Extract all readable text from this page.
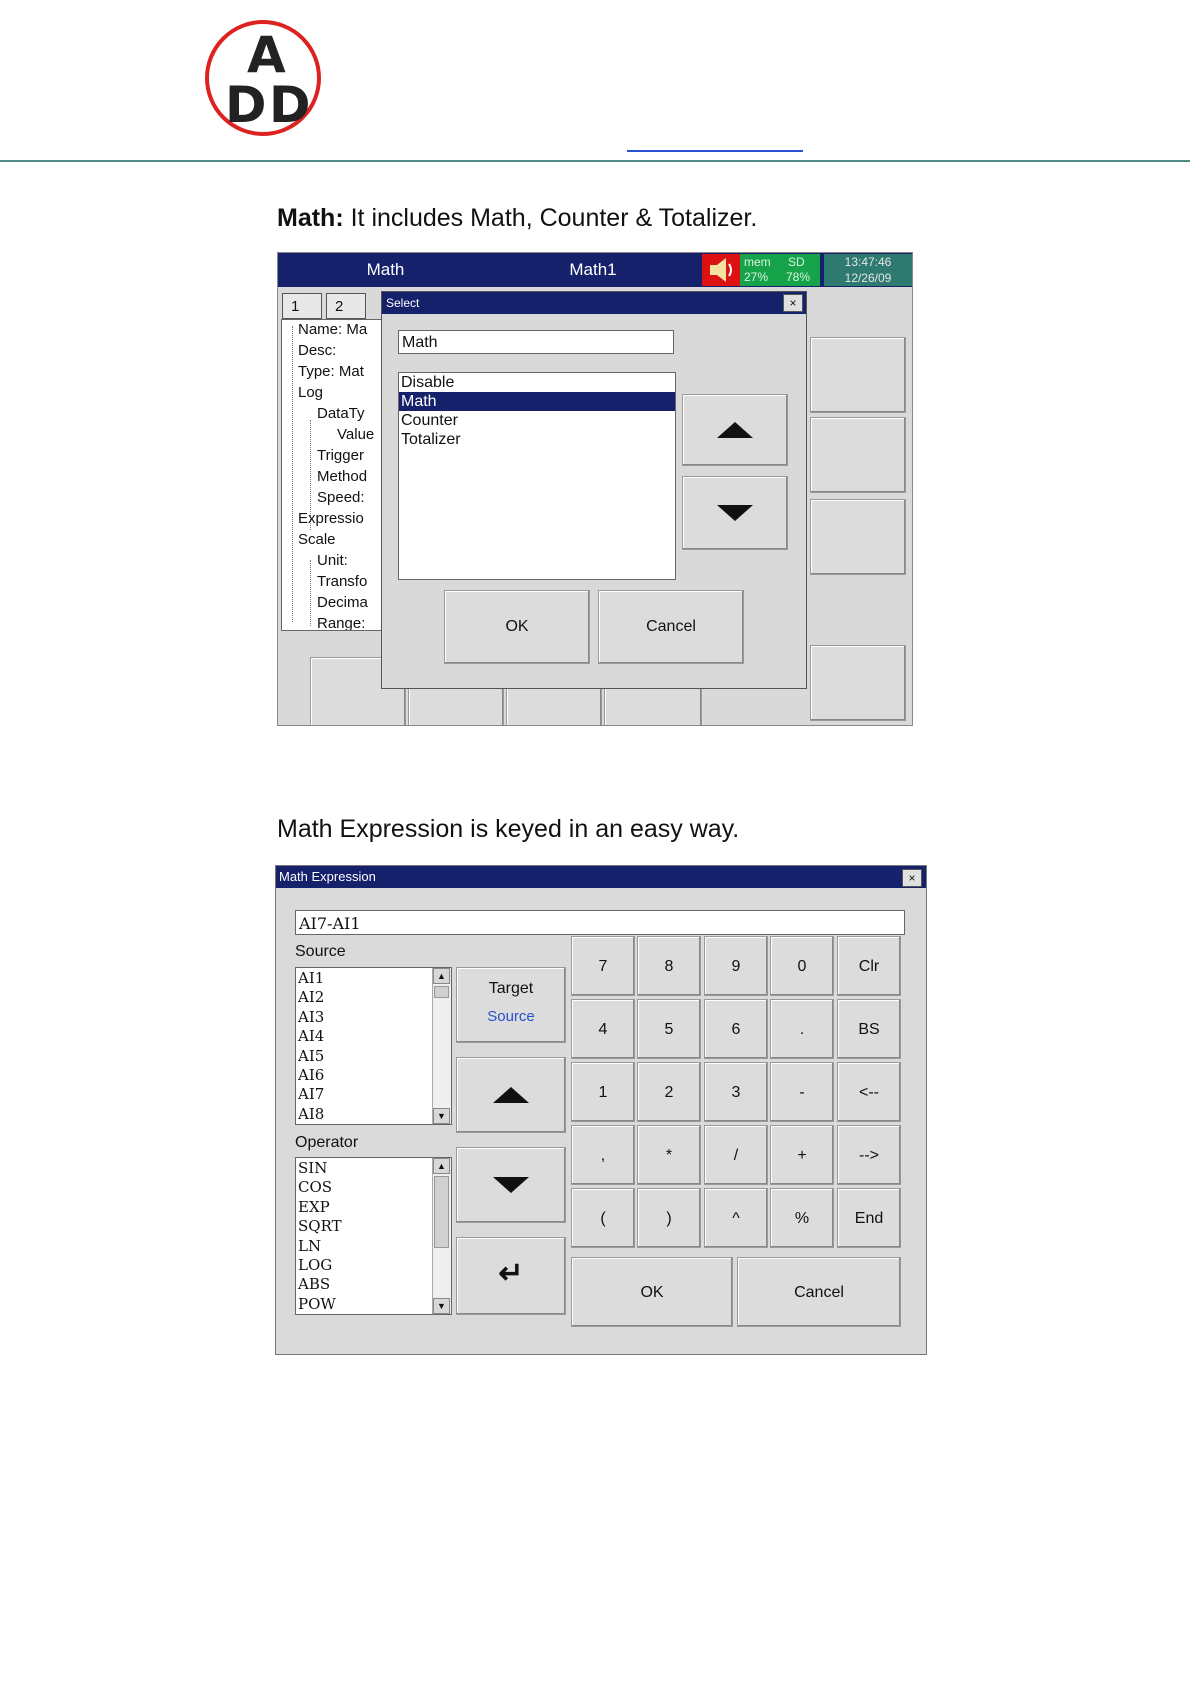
A
D D
Math: It includes Math, Counter & Totalizer.
Math	Math1	mem SD
27% 78%
13:47:46
12/26/09
1	2
Name: Ma
Desc:
Type: Mat
Log
DataTy
Value
Trigger
Method
Speed:
Expressio
Scale
Unit:
Transfo
Decima
Range:
Select	×
Math
Disable
Math
Counter
Totalizer
OK	Cancel
Math Expression is keyed in an easy way.
Math Expression	×
AI7-AI1
Source
AI1
AI2
AI3
AI4
AI5
AI6
AI7
AI8
▲
▼
Operator
SIN
COS
EXP
SQRT
LN
LOG
ABS
POW
▲
▼
Target
Source
↵
7	8	9	0	Clr
4	5	6	.	BS
1	2	3	-	<--
,	*	/	+	-->
(	)	^	%	End
OK	Cancel
